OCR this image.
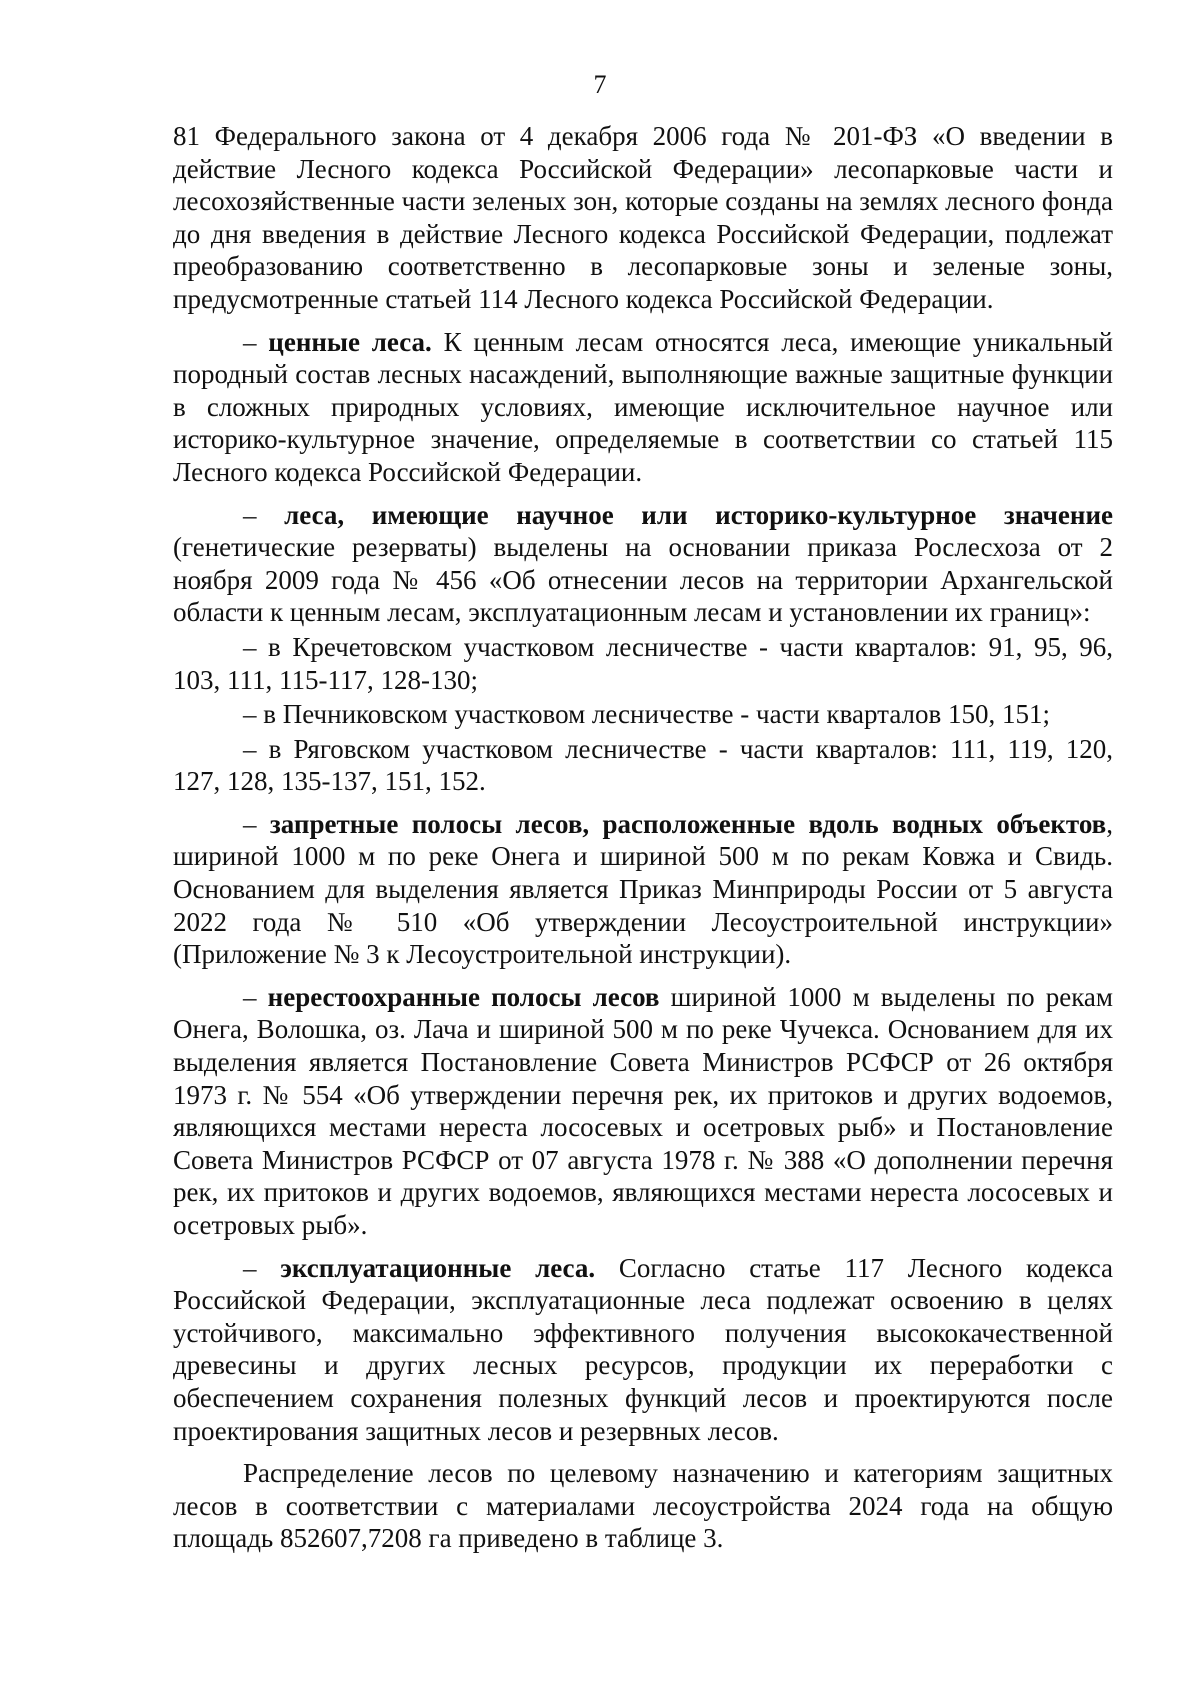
7

81 Федерального закона от 4 декабря 2006 года № 201-ФЗ «О введении в действие Лесного кодекса Российской Федерации» лесопарковые части и лесохозяйственные части зеленых зон, которые созданы на землях лесного фонда до дня введения в действие Лесного кодекса Российской Федерации, подлежат преобразованию соответственно в лесопарковые зоны и зеленые зоны, предусмотренные статьей 114 Лесного кодекса Российской Федерации.

– ценные леса. К ценным лесам относятся леса, имеющие уникальный породный состав лесных насаждений, выполняющие важные защитные функции в сложных природных условиях, имеющие исключительное научное или историко-культурное значение, определяемые в соответствии со статьей 115 Лесного кодекса Российской Федерации.

– леса, имеющие научное или историко-культурное значение (генетические резерваты) выделены на основании приказа Рослесхоза от 2 ноября 2009 года № 456 «Об отнесении лесов на территории Архангельской области к ценным лесам, эксплуатационным лесам и установлении их границ»:

– в Кречетовском участковом лесничестве - части кварталов: 91, 95, 96, 103, 111, 115-117, 128-130;

– в Печниковском участковом лесничестве - части кварталов 150, 151;

– в Ряговском участковом лесничестве - части кварталов: 111, 119, 120, 127, 128, 135-137, 151, 152.

– запретные полосы лесов, расположенные вдоль водных объектов, шириной 1000 м по реке Онега и шириной 500 м по рекам Ковжа и Свидь. Основанием для выделения является Приказ Минприроды России от 5 августа 2022 года № 510 «Об утверждении Лесоустроительной инструкции» (Приложение № 3 к Лесоустроительной инструкции).

– нерестоохранные полосы лесов шириной 1000 м выделены по рекам Онега, Волошка, оз. Лача и шириной 500 м по реке Чучекса. Основанием для их выделения является Постановление Совета Министров РСФСР от 26 октября 1973 г. № 554 «Об утверждении перечня рек, их притоков и других водоемов, являющихся местами нереста лососевых и осетровых рыб» и Постановление Совета Министров РСФСР от 07 августа 1978 г. № 388 «О дополнении перечня рек, их притоков и других водоемов, являющихся местами нереста лососевых и осетровых рыб».

– эксплуатационные леса. Согласно статье 117 Лесного кодекса Российской Федерации, эксплуатационные леса подлежат освоению в целях устойчивого, максимально эффективного получения высококачественной древесины и других лесных ресурсов, продукции их переработки с обеспечением сохранения полезных функций лесов и проектируются после проектирования защитных лесов и резервных лесов.

Распределение лесов по целевому назначению и категориям защитных лесов в соответствии с материалами лесоустройства 2024 года на общую площадь 852607,7208 га приведено в таблице 3.
